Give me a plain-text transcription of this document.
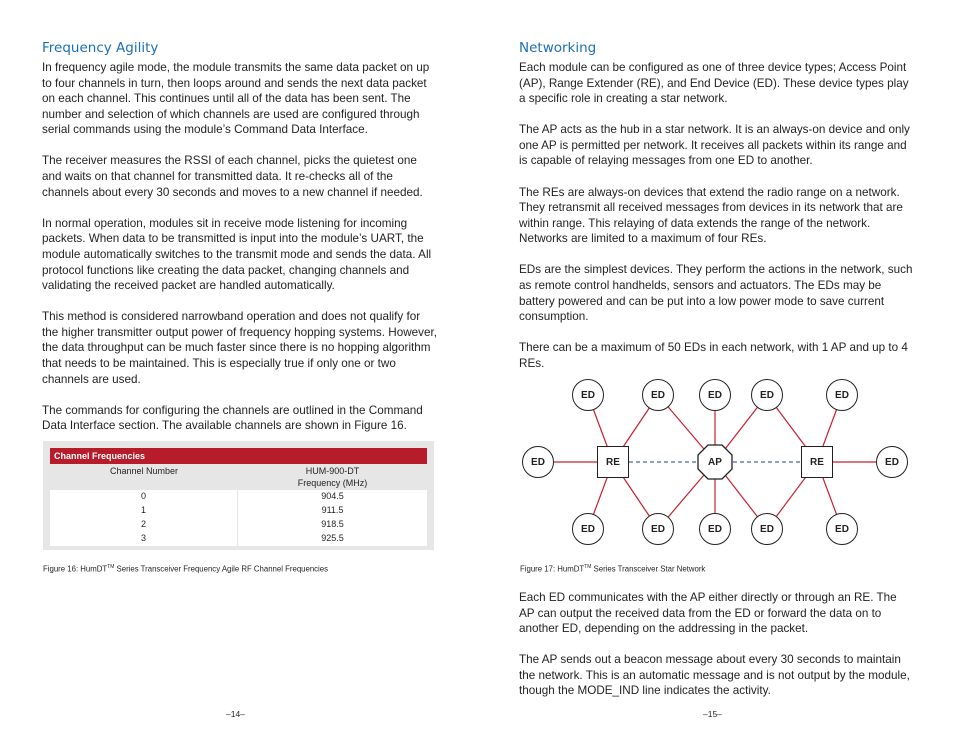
Frequency Agility

In frequency agile mode, the module transmits the same data packet on up to four channels in turn, then loops around and sends the next data packet on each channel. This continues until all of the data has been sent. The number and selection of which channels are used are configured through serial commands using the module’s Command Data Interface.

The receiver measures the RSSI of each channel, picks the quietest one and waits on that channel for transmitted data. It re-checks all of the channels about every 30 seconds and moves to a new channel if needed.

In normal operation, modules sit in receive mode listening for incoming packets. When data to be transmitted is input into the module’s UART, the module automatically switches to the transmit mode and sends the data. All protocol functions like creating the data packet, changing channels and validating the received packet are handled automatically.

This method is considered narrowband operation and does not qualify for the higher transmitter output power of frequency hopping systems. However, the data throughput can be much faster since there is no hopping algorithm that needs to be maintained. This is especially true if only one or two channels are used.

The commands for configuring the channels are outlined in the Command Data Interface section. The available channels are shown in Figure 16.

Channel Frequencies
Channel Number	HUM-900-DT
Frequency (MHz)
0	904.5
1	911.5
2	918.5
3	925.5
Figure 16: HumDT™ Series Transceiver Frequency Agile RF Channel Frequencies
–14–
Networking

Each module can be configured as one of three device types; Access Point (AP), Range Extender (RE), and End Device (ED). These device types play a specific role in creating a star network.

The AP acts as the hub in a star network. It is an always-on device and only one AP is permitted per network. It receives all packets within its range and is capable of relaying messages from one ED to another.

The REs are always-on devices that extend the radio range on a network. They retransmit all received messages from devices in its network that are within range. This relaying of data extends the range of the network. Networks are limited to a maximum of four REs.

EDs are the simplest devices. They perform the actions in the network, such as remote control handhelds, sensors and actuators. The EDs may be battery powered and can be put into a low power mode to save current consumption.

There can be a maximum of 50 EDs in each network, with 1 AP and up to 4 REs.

ED	ED	ED	ED	ED
ED	RE	AP	RE	ED
ED	ED	ED	ED	ED
Figure 17: HumDT™ Series Transceiver Star Network

Each ED communicates with the AP either directly or through an RE. The AP can output the received data from the ED or forward the data on to another ED, depending on the addressing in the packet.

The AP sends out a beacon message about every 30 seconds to maintain the network. This is an automatic message and is not output by the module, though the MODE_IND line indicates the activity.

–15–
